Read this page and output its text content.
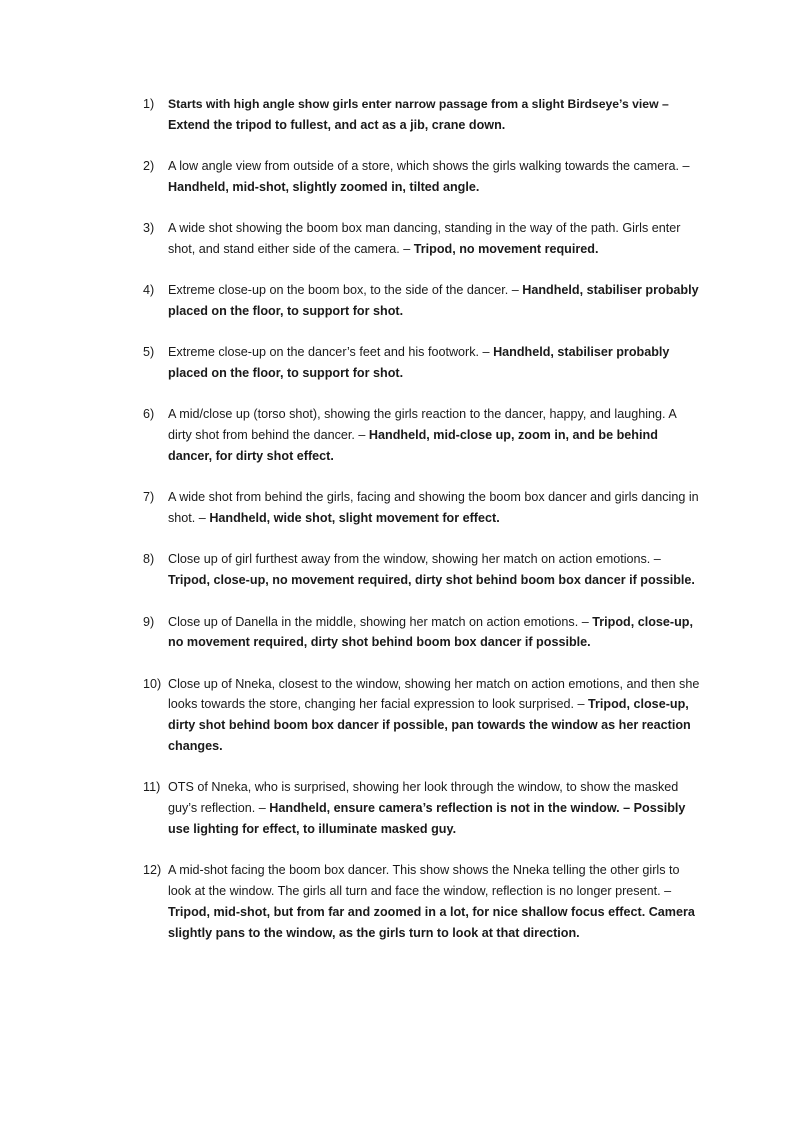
1)	Starts with high angle show girls enter narrow passage from a slight Birdseye’s view – Extend the tripod to fullest, and act as a jib, crane down.
2)	A low angle view from outside of a store, which shows the girls walking towards the camera. – Handheld, mid-shot, slightly zoomed in, tilted angle.
3)	A wide shot showing the boom box man dancing, standing in the way of the path. Girls enter shot, and stand either side of the camera. – Tripod, no movement required.
4)	Extreme close-up on the boom box, to the side of the dancer. – Handheld, stabiliser probably placed on the floor, to support for shot.
5)	Extreme close-up on the dancer’s feet and his footwork. – Handheld, stabiliser probably placed on the floor, to support for shot.
6)	A mid/close up (torso shot), showing the girls reaction to the dancer, happy, and laughing. A dirty shot from behind the dancer. – Handheld, mid-close up, zoom in, and be behind dancer, for dirty shot effect.
7)	A wide shot from behind the girls, facing and showing the boom box dancer and girls dancing in shot. – Handheld, wide shot, slight movement for effect.
8)	Close up of girl furthest away from the window, showing her match on action emotions. – Tripod, close-up, no movement required, dirty shot behind boom box dancer if possible.
9)	Close up of Danella in the middle, showing her match on action emotions. – Tripod, close-up, no movement required, dirty shot behind boom box dancer if possible.
10) Close up of Nneka, closest to the window, showing her match on action emotions, and then she looks towards the store, changing her facial expression to look surprised. – Tripod, close-up, dirty shot behind boom box dancer if possible, pan towards the window as her reaction changes.
11) OTS of Nneka, who is surprised, showing her look through the window, to show the masked guy’s reflection. – Handheld, ensure camera’s reflection is not in the window. – Possibly use lighting for effect, to illuminate masked guy.
12) A mid-shot facing the boom box dancer. This show shows the Nneka telling the other girls to look at the window. The girls all turn and face the window, reflection is no longer present. – Tripod, mid-shot, but from far and zoomed in a lot, for nice shallow focus effect. Camera slightly pans to the window, as the girls turn to look at that direction.
